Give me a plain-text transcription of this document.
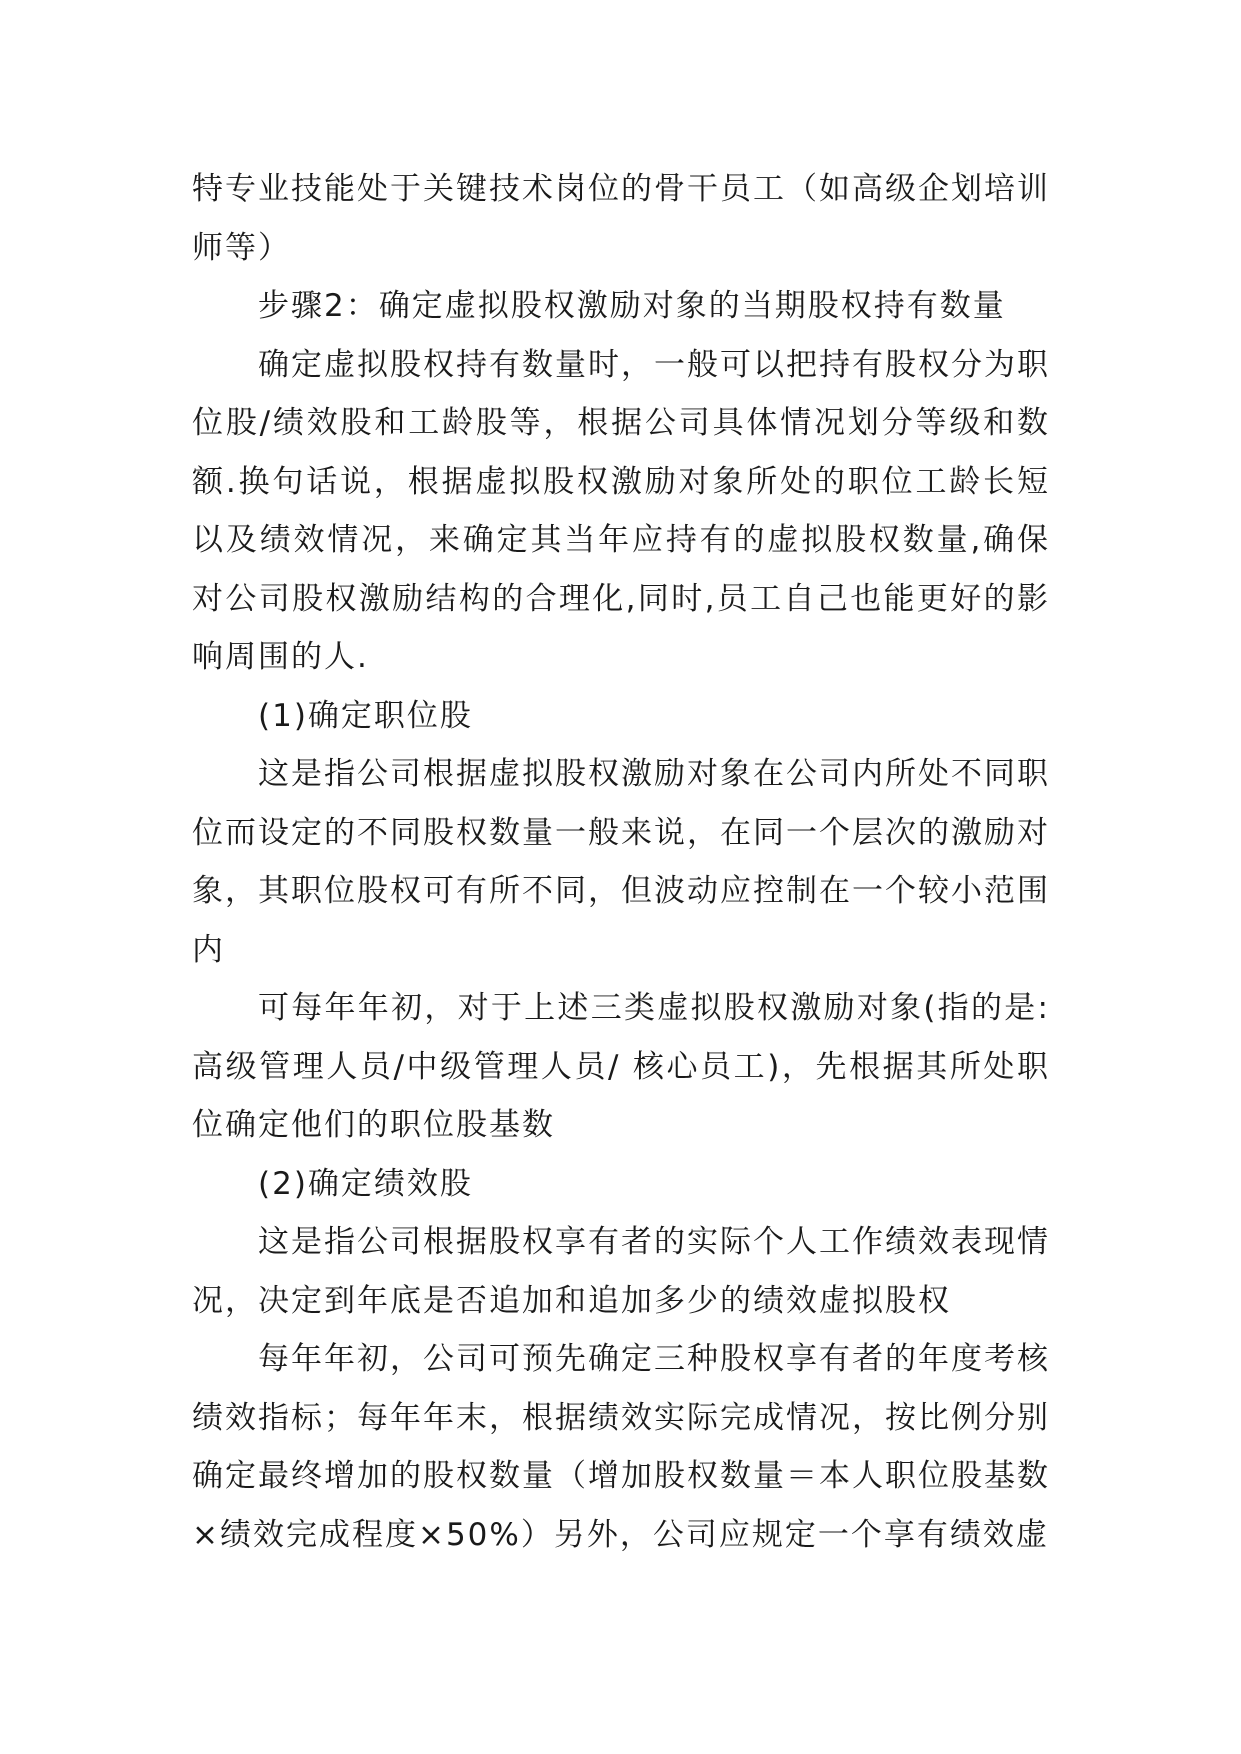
特专业技能处于关键技术岗位的骨干员工（如高级企划培训师等）

步骤2：确定虚拟股权激励对象的当期股权持有数量

确定虚拟股权持有数量时，一般可以把持有股权分为职位股/绩效股和工龄股等，根据公司具体情况划分等级和数额.换句话说，根据虚拟股权激励对象所处的职位工龄长短以及绩效情况，来确定其当年应持有的虚拟股权数量,确保对公司股权激励结构的合理化,同时,员工自己也能更好的影响周围的人.

(1)确定职位股

这是指公司根据虚拟股权激励对象在公司内所处不同职位而设定的不同股权数量一般来说，在同一个层次的激励对象，其职位股权可有所不同，但波动应控制在一个较小范围内

可每年年初，对于上述三类虚拟股权激励对象(指的是:高级管理人员/中级管理人员/ 核心员工)，先根据其所处职位确定他们的职位股基数

(2)确定绩效股

这是指公司根据股权享有者的实际个人工作绩效表现情况，决定到年底是否追加和追加多少的绩效虚拟股权

每年年初，公司可预先确定三种股权享有者的年度考核绩效指标；每年年末，根据绩效实际完成情况，按比例分别确定最终增加的股权数量（增加股权数量＝本人职位股基数×绩效完成程度×50%）另外，公司应规定一个享有绩效虚
